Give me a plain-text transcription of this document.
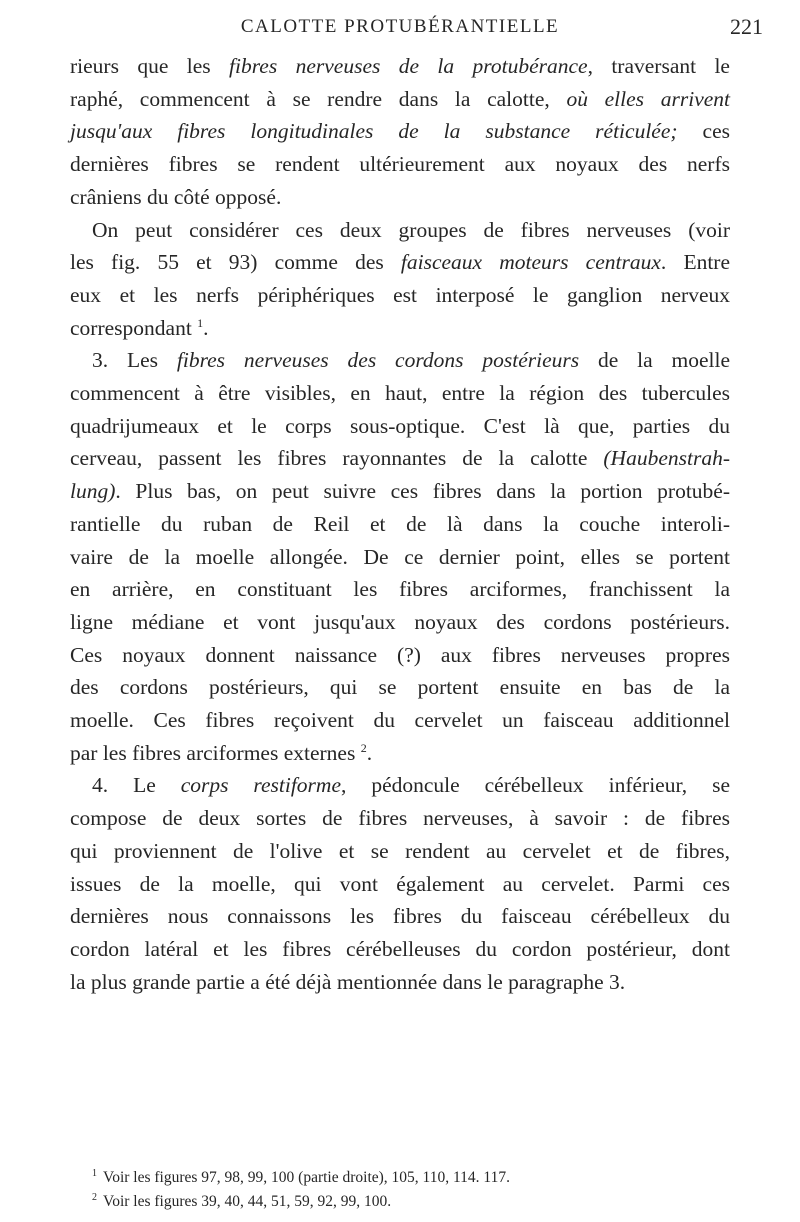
CALOTTE PROTUBÉRANTIELLE	221
rieurs que les fibres nerveuses de la protubérance, traversant le
raphé, commencent à se rendre dans la calotte, où elles arrivent
jusqu'aux fibres longitudinales de la substance réticulée; ces
dernières fibres se rendent ultérieurement aux noyaux des nerfs
crâniens du côté opposé.
On peut considérer ces deux groupes de fibres nerveuses (voir
les fig. 55 et 93) comme des faisceaux moteurs centraux. Entre
eux et les nerfs périphériques est interposé le ganglion nerveux
correspondant $^1$.
3. Les fibres nerveuses des cordons postérieurs de la moelle
commencent à être visibles, en haut, entre la région des tubercules
quadrijumeaux et le corps sous-optique. C'est là que, parties du
cerveau, passent les fibres rayonnantes de la calotte (Haubenstrah-
lung). Plus bas, on peut suivre ces fibres dans la portion protubé-
rantielle du ruban de Reil et de là dans la couche interoli-
vaire de la moelle allongée. De ce dernier point, elles se portent
en arrière, en constituant les fibres arciformes, franchissent la
ligne médiane et vont jusqu'aux noyaux des cordons postérieurs.
Ces noyaux donnent naissance (?) aux fibres nerveuses propres
des cordons postérieurs, qui se portent ensuite en bas de la
moelle. Ces fibres reçoivent du cervelet un faisceau additionnel
par les fibres arciformes externes $^2$.
4. Le corps restiforme, pédoncule cérébelleux inférieur, se
compose de deux sortes de fibres nerveuses, à savoir : de fibres
qui proviennent de l'olive et se rendent au cervelet et de fibres,
issues de la moelle, qui vont également au cervelet. Parmi ces
dernières nous connaissons les fibres du faisceau cérébelleux du
cordon latéral et les fibres cérébelleuses du cordon postérieur, dont
la plus grande partie a été déjà mentionnée dans le paragraphe 3.
$^1$ Voir les figures 97, 98, 99, 100 (partie droite), 105, 110, 114. 117.
$^2$ Voir les figures 39, 40, 44, 51, 59, 92, 99, 100.
